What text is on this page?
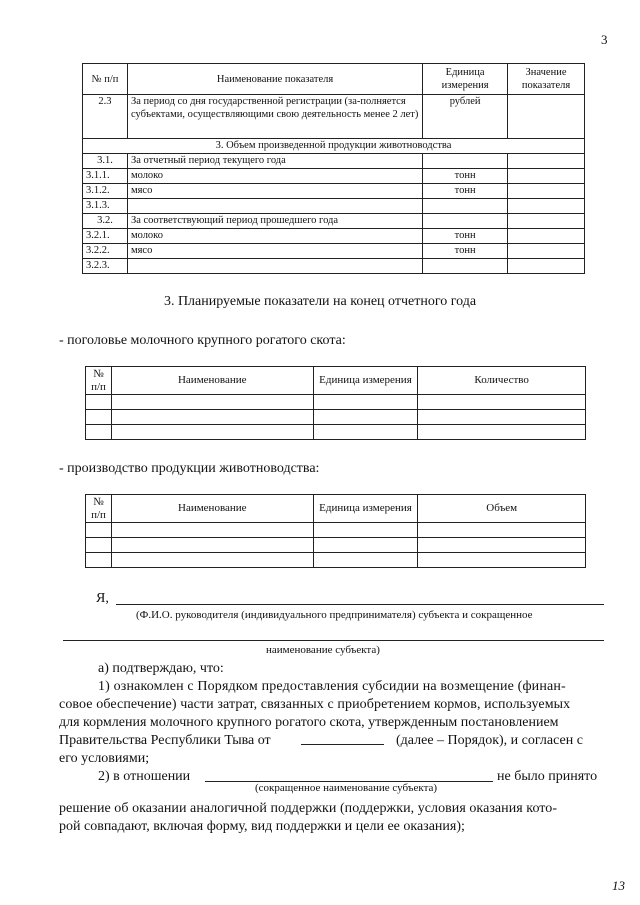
3
№ п/п	Наименование показателя	Единица измерения	Значение показателя
2.3	За период со дня государственной регистрации (за-полняется субъектами, осуществляющими свою деятельность менее 2 лет)	рублей	
3. Объем произведенной продукции животноводства			
3.1.	За отчетный период текущего года		
3.1.1.	молоко	тонн	
3.1.2.	мясо	тонн	
3.1.3.			
3.2.	За соответствующий период прошедшего года		
3.2.1.	молоко	тонн	
3.2.2.	мясо	тонн	
3.2.3.			
3. Планируемые показатели на конец отчетного года
- поголовье молочного крупного рогатого скота:
№ п/п	Наименование	Единица измерения	Количество

- производство продукции животноводства:
№ п/п	Наименование	Единица измерения	Объем

Я,
(Ф.И.О. руководителя (индивидуального предпринимателя) субъекта и сокращенное
наименование субъекта)
а) подтверждаю, что:
1) ознакомлен с Порядком предоставления субсидии на возмещение (финан-
совое обеспечение) части затрат, связанных с приобретением кормов, используемых
для кормления молочного крупного рогатого скота, утвержденным постановлением
Правительства Республики Тыва от	(далее – Порядок), и согласен с
его условиями;
2) в отношении	не было принято
(сокращенное наименование субъекта)
решение об оказании аналогичной поддержки (поддержки, условия оказания кото-
рой совпадают, включая форму, вид поддержки и цели ее оказания);
13
